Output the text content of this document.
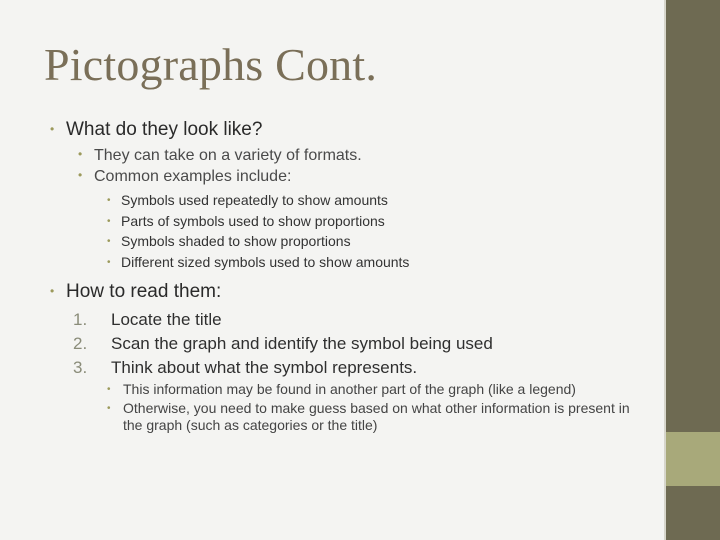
Pictographs Cont.
• What do they look like?
• They can take on a variety of formats.
• Common examples include:
• Symbols used repeatedly to show amounts
• Parts of symbols used to show proportions
• Symbols shaded to show proportions
• Different sized symbols used to show amounts
• How to read them:
1.	Locate the title
2.	Scan the graph and identify the symbol being used
3.	Think about what the symbol represents.
• This information may be found in another part of the graph (like a legend)
• Otherwise, you need to make guess based on what other information is present in the graph (such as categories or the title)
